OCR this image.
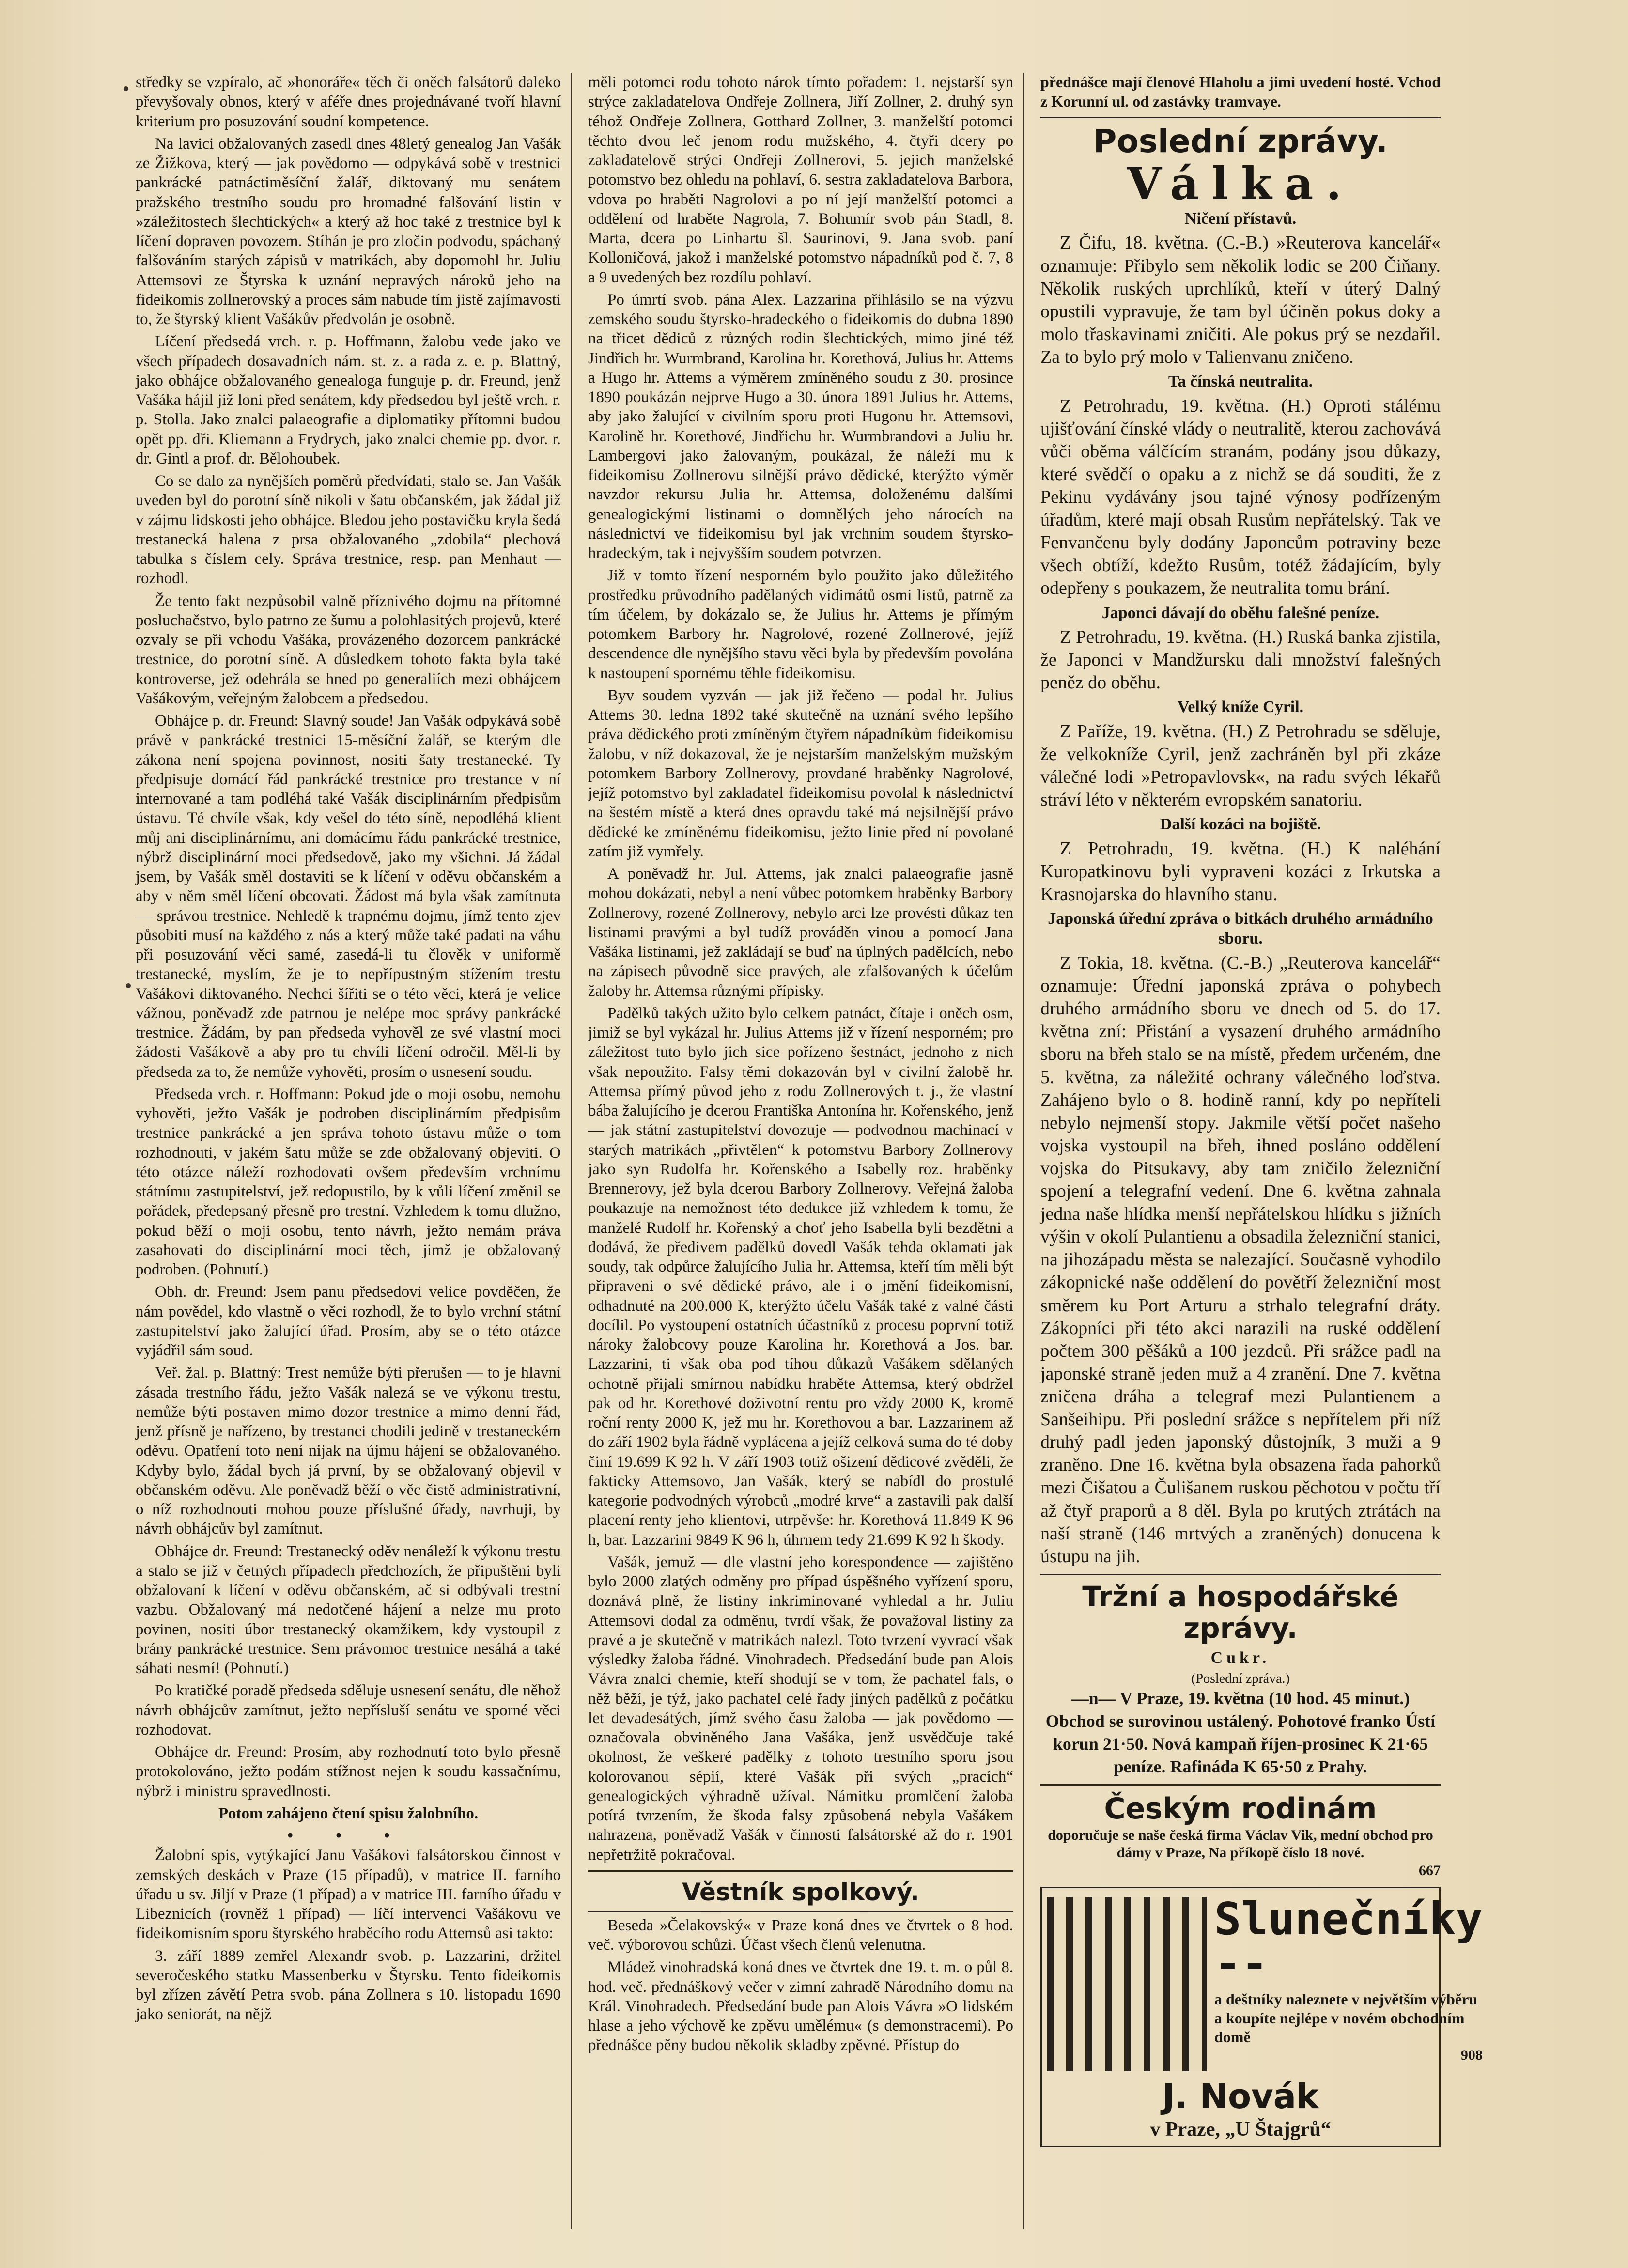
středky se vzpíralo, ač »honoráře« těch či oněch falsátorů daleko převyšovaly obnos, který v aféře dnes projednávané tvoří hlavní kriterium pro posuzování soudní kompetence.

Na lavici obžalovaných zasedl dnes 48letý genealog Jan Vašák ze Žižkova, který — jak povědomo — odpykává sobě v trestnici pankrácké patnáctiměsíční žalář, diktovaný mu senátem pražského trestního soudu pro hromadné falšování listin v »záležitostech šlechtických« a který až hoc také z trestnice byl k líčení dopraven povozem. Stíhán je pro zločin podvodu, spáchaný falšováním starých zápisů v matrikách, aby dopomohl hr. Juliu Attemsovi ze Štyrska k uznání nepravých nároků jeho na fideikomis zollnerovský a proces sám nabude tím jistě zajímavosti to, že štyrský klient Vašákův předvolán je osobně.

Líčení předsedá vrch. r. p. Hoffmann, žalobu vede jako ve všech případech dosavadních nám. st. z. a rada z. e. p. Blattný, jako obhájce obžalovaného genealoga funguje p. dr. Freund, jenž Vašáka hájil již loni před senátem, kdy předsedou byl ještě vrch. r. p. Stolla. Jako znalci palaeografie a diplomatiky přítomni budou opět pp. dři. Kliemann a Frydrych, jako znalci chemie pp. dvor. r. dr. Gintl a prof. dr. Bělohoubek.

Co se dalo za nynějších poměrů předvídati, stalo se. Jan Vašák uveden byl do porotní síně nikoli v šatu občanském, jak žádal již v zájmu lidskosti jeho obhájce. Bledou jeho postavičku kryla šedá trestanecká halena z prsa obžalovaného „zdobila“ plechová tabulka s číslem cely. Správa trestnice, resp. pan Menhaut — rozhodl.

Že tento fakt nezpůsobil valně příznivého dojmu na přítomné posluchačstvo, bylo patrno ze šumu a polohlasitých projevů, které ozvaly se při vchodu Vašáka, provázeného dozorcem pankrácké trestnice, do porotní síně. A důsledkem tohoto fakta byla také kontroverse, jež odehrála se hned po generaliích mezi obhájcem Vašákovým, veřejným žalobcem a předsedou.

Obhájce p. dr. Freund: Slavný soude! Jan Vašák odpykává sobě právě v pankrácké trestnici 15-měsíční žalář, se kterým dle zákona není spojena povinnost, nositi šaty trestanecké. Ty předpisuje domácí řád pankrácké trestnice pro trestance v ní internované a tam podléhá také Vašák disciplinárním předpisům ústavu. Té chvíle však, kdy vešel do této síně, nepodléhá klient můj ani disciplinárnímu, ani domácímu řádu pankrácké trestnice, nýbrž disciplinární moci předsedově, jako my všichni. Já žádal jsem, by Vašák směl dostaviti se k líčení v oděvu občanském a aby v něm směl líčení obcovati. Žádost má byla však zamítnuta — správou trestnice. Nehledě k trapnému dojmu, jímž tento zjev působiti musí na každého z nás a který může také padati na váhu při posuzování věci samé, zasedá-li tu člověk v uniformě trestanecké, myslím, že je to nepřípustným stížením trestu Vašákovi diktovaného. Nechci šířiti se o této věci, která je velice vážnou, poněvadž zde patrnou je nelépe moc správy pankrácké trestnice. Žádám, by pan předseda vyhověl ze své vlastní moci žádosti Vašákově a aby pro tu chvíli líčení odročil. Měl-li by předseda za to, že nemůže vyhověti, prosím o usnesení soudu.

Předseda vrch. r. Hoffmann: Pokud jde o moji osobu, nemohu vyhověti, ježto Vašák je podroben disciplinárním předpisům trestnice pankrácké a jen správa tohoto ústavu může o tom rozhodnouti, v jakém šatu může se zde obžalovaný objeviti. O této otázce náleží rozhodovati ovšem především vrchnímu státnímu zastupitelství, jež redopustilo, by k vůli líčení změnil se pořádek, předepsaný přesně pro trestní. Vzhledem k tomu dlužno, pokud běží o moji osobu, tento návrh, ježto nemám práva zasahovati do disciplinární moci těch, jimž je obžalovaný podroben. (Pohnutí.)

Obh. dr. Freund: Jsem panu předsedovi velice povděčen, že nám povědel, kdo vlastně o věci rozhodl, že to bylo vrchní státní zastupitelství jako žalující úřad. Prosím, aby se o této otázce vyjádřil sám soud.

Veř. žal. p. Blattný: Trest nemůže býti přerušen — to je hlavní zásada trestního řádu, ježto Vašák nalezá se ve výkonu trestu, nemůže býti postaven mimo dozor trestnice a mimo denní řád, jenž přísně je nařízeno, by trestanci chodili jedině v trestaneckém oděvu. Opatření toto není nijak na újmu hájení se obžalovaného. Kdyby bylo, žádal bych já první, by se obžalovaný objevil v občanském oděvu. Ale poněvadž běží o věc čistě administrativní, o níž rozhodnouti mohou pouze příslušné úřady, navrhuji, by návrh obhájcův byl zamítnut.

Obhájce dr. Freund: Trestanecký oděv nenáleží k výkonu trestu a stalo se již v četných případech předchozích, že připuštěni byli obžalovaní k líčení v oděvu občanském, ač si odbývali trestní vazbu. Obžalovaný má nedotčené hájení a nelze mu proto povinen, nositi úbor trestanecký okamžikem, kdy vystoupil z brány pankrácké trestnice. Sem právomoc trestnice nesáhá a také sáhati nesmí! (Pohnutí.)

Po kratičké poradě předseda sděluje usnesení senátu, dle něhož návrh obhájcův zamítnut, ježto nepřísluší senátu ve sporné věci rozhodovat.

Obhájce dr. Freund: Prosím, aby rozhodnutí toto bylo přesně protokolováno, ježto podám stížnost nejen k soudu kassačnímu, nýbrž i ministru spravedlnosti.

Potom zahájeno čtení spisu žalobního.

• • •

Žalobní spis, vytýkající Janu Vašákovi falsátorskou činnost v zemských deskách v Praze (15 případů), v matrice II. farního úřadu u sv. Jiljí v Praze (1 případ) a v matrice III. farního úřadu v Libeznicích (rovněž 1 případ) — líčí intervenci Vašákovu ve fideikomisním sporu štyrského hraběcího rodu Attemsů asi takto:

3. září 1889 zemřel Alexandr svob. p. Lazzarini, držitel severočeského statku Massenberku v Štyrsku. Tento fideikomis byl zřízen závětí Petra svob. pána Zollnera s 10. listopadu 1690 jako seniorát, na nějž

měli potomci rodu tohoto nárok tímto pořadem: 1. nejstarší syn strýce zakladatelova Ondřeje Zollnera, Jiří Zollner, 2. druhý syn téhož Ondřeje Zollnera, Gotthard Zollner, 3. manželští potomci těchto dvou leč jenom rodu mužského, 4. čtyři dcery po zakladatelově strýci Ondřeji Zollnerovi, 5. jejich manželské potomstvo bez ohledu na pohlaví, 6. sestra zakladatelova Barbora, vdova po hraběti Nagrolovi a po ní její manželští potomci a oddělení od hraběte Nagrola, 7. Bohumír svob pán Stadl, 8. Marta, dcera po Linhartu šl. Saurinovi, 9. Jana svob. paní Kolloničová, jakož i manželské potomstvo nápadníků pod č. 7, 8 a 9 uvedených bez rozdílu pohlaví.

Po úmrtí svob. pána Alex. Lazzarina přihlásilo se na výzvu zemského soudu štyrsko-hradeckého o fideikomis do dubna 1890 na třicet dědiců z různých rodin šlechtických, mimo jiné též Jindřich hr. Wurmbrand, Karolina hr. Korethová, Julius hr. Attems a Hugo hr. Attems a výměrem zmíněného soudu z 30. prosince 1890 poukázán nejprve Hugo a 30. února 1891 Julius hr. Attems, aby jako žalující v civilním sporu proti Hugonu hr. Attemsovi, Karolině hr. Korethové, Jindřichu hr. Wurmbrandovi a Juliu hr. Lambergovi jako žalovaným, poukázal, že náleží mu k fideikomisu Zollnerovu silnější právo dědické, kterýžto výměr navzdor rekursu Julia hr. Attemsa, doloženému dalšími genealogickými listinami o domnělých jeho nárocích na následnictví ve fideikomisu byl jak vrchním soudem štyrsko-hradeckým, tak i nejvyšším soudem potvrzen.

Již v tomto řízení nesporném bylo použito jako důležitého prostředku průvodního padělaných vidimátů osmi listů, patrně za tím účelem, by dokázalo se, že Julius hr. Attems je přímým potomkem Barbory hr. Nagrolové, rozené Zollnerové, jejíž descendence dle nynějšího stavu věci byla by především povolána k nastoupení spornému těhle fideikomisu.

Byv soudem vyzván — jak již řečeno — podal hr. Julius Attems 30. ledna 1892 také skutečně na uznání svého lepšího práva dědického proti zmíněným čtyřem nápadníkům fideikomisu žalobu, v níž dokazoval, že je nejstarším manželským mužským potomkem Barbory Zollnerovy, provdané hraběnky Nagrolové, jejíž potomstvo byl zakladatel fideikomisu povolal k následnictví na šestém místě a která dnes opravdu také má nejsilnější právo dědické ke zmíněnému fideikomisu, ježto linie před ní povolané zatím již vymřely.

A poněvadž hr. Jul. Attems, jak znalci palaeografie jasně mohou dokázati, nebyl a není vůbec potomkem hraběnky Barbory Zollnerovy, rozené Zollnerovy, nebylo arci lze provésti důkaz ten listinami pravými a byl tudíž prováděn vinou a pomocí Jana Vašáka listinami, jež zakládají se buď na úplných padělcích, nebo na zápisech původně sice pravých, ale zfalšovaných k účelům žaloby hr. Attemsa různými přípisky.

Padělků takých užito bylo celkem patnáct, čítaje i oněch osm, jimiž se byl vykázal hr. Julius Attems již v řízení nesporném; pro záležitost tuto bylo jich sice pořízeno šestnáct, jednoho z nich však nepoužito. Falsy těmi dokazován byl v civilní žalobě hr. Attemsa přímý původ jeho z rodu Zollnerových t. j., že vlastní bába žalujícího je dcerou Františka Antonína hr. Kořenského, jenž — jak státní zastupitelství dovozuje — podvodnou machinací v starých matrikách „přivtělen“ k potomstvu Barbory Zollnerovy jako syn Rudolfa hr. Kořenského a Isabelly roz. hraběnky Brennerovy, jež byla dcerou Barbory Zollnerovy. Veřejná žaloba poukazuje na nemožnost této dedukce již vzhledem k tomu, že manželé Rudolf hr. Kořenský a choť jeho Isabella byli bezdětni a dodává, že předivem padělků dovedl Vašák tehda oklamati jak soudy, tak odpůrce žalujícího Julia hr. Attemsa, kteří tím měli být připraveni o své dědické právo, ale i o jmění fideikomisní, odhadnuté na 200.000 K, kterýžto účelu Vašák také z valné části docílil. Po vystoupení ostatních účastníků z procesu poprvní totiž nároky žalobcovy pouze Karolina hr. Korethová a Jos. bar. Lazzarini, ti však oba pod tíhou důkazů Vašákem sdělaných ochotně přijali smírnou nabídku hraběte Attemsa, který obdržel pak od hr. Korethové doživotní rentu pro vždy 2000 K, kromě roční renty 2000 K, jež mu hr. Korethovou a bar. Lazzarinem až do září 1902 byla řádně vyplácena a jejíž celková suma do té doby činí 19.699 K 92 h. V září 1903 totiž ošizení dědicové zvěděli, že fakticky Attemsovo, Jan Vašák, který se nabídl do prostulé kategorie podvodných výrobců „modré krve“ a zastavili pak další placení renty jeho klientovi, utrpěvše: hr. Korethová 11.849 K 96 h, bar. Lazzarini 9849 K 96 h, úhrnem tedy 21.699 K 92 h škody.

Vašák, jemuž — dle vlastní jeho korespondence — zajištěno bylo 2000 zlatých odměny pro případ úspěšného vyřízení sporu, doznává plně, že listiny inkriminované vyhledal a hr. Juliu Attemsovi dodal za odměnu, tvrdí však, že považoval listiny za pravé a je skutečně v matrikách nalezl. Toto tvrzení vyvrací však výsledky žaloba řádné. Vinohradech. Předsedání bude pan Alois Vávra znalci chemie, kteří shodují se v tom, že pachatel fals, o něž běží, je týž, jako pachatel celé řady jiných padělků z počátku let devadesátých, jímž svého času žaloba — jak povědomo — označovala obviněného Jana Vašáka, jenž usvědčuje také okolnost, že veškeré padělky z tohoto trestního sporu jsou kolorovanou sépií, které Vašák při svých „pracích“ genealogických výhradně užíval. Námitku promlčení žaloba potírá tvrzením, že škoda falsy způsobená nebyla Vašákem nahrazena, poněvadž Vašák v činnosti falsátorské až do r. 1901 nepřetržitě pokračoval.

Věstník spolkový.

Beseda »Čelakovský« v Praze koná dnes ve čtvrtek o 8 hod. več. výborovou schůzi. Účast všech členů velenutna.

Mládež vinohradská koná dnes ve čtvrtek dne 19. t. m. o půl 8. hod. več. přednáškový večer v zimní zahradě Národního domu na Král. Vinohradech. Předsedání bude pan Alois Vávra »O lidském hlase a jeho výchově ke zpěvu umělému« (s demonstracemi). Po přednášce pěny budou několik skladby zpěvné. Přístup do

přednášce mají členové Hlaholu a jimi uvedení hosté. Vchod z Korunní ul. od zastávky tramvaye.

Poslední zprávy.
Válka.
Ničení přístavů.

Z Čifu, 18. května. (C.-B.) »Reuterova kancelář« oznamuje: Přibylo sem několik lodic se 200 Čiňany. Několik ruských uprchlíků, kteří v úterý Dalný opustili vypravuje, že tam byl účiněn pokus doky a molo třaskavinami zničiti. Ale pokus prý se nezdařil. Za to bylo prý molo v Talienvanu zničeno.

Ta čínská neutralita.

Z Petrohradu, 19. května. (H.) Oproti stálému ujišťování čínské vlády o neutralitě, kterou zachovává vůči oběma válčícím stranám, podány jsou důkazy, které svědčí o opaku a z nichž se dá souditi, že z Pekinu vydávány jsou tajné výnosy podřízeným úřadům, které mají obsah Rusům nepřátelský. Tak ve Fenvančenu byly dodány Japoncům potraviny beze všech obtíží, kdežto Rusům, totéž žádajícím, byly odepřeny s poukazem, že neutralita tomu brání.

Japonci dávají do oběhu falešné peníze.

Z Petrohradu, 19. května. (H.) Ruská banka zjistila, že Japonci v Mandžursku dali množství falešných peněz do oběhu.

Velký kníže Cyril.

Z Paříže, 19. května. (H.) Z Petrohradu se sděluje, že velkokníže Cyril, jenž zachráněn byl při zkáze válečné lodi »Petropavlovsk«, na radu svých lékařů stráví léto v některém evropském sanatoriu.

Další kozáci na bojiště.

Z Petrohradu, 19. května. (H.) K naléhání Kuropatkinovu byli vypraveni kozáci z Irkutska a Krasnojarska do hlavního stanu.

Japonská úřední zpráva o bitkách druhého armádního sboru.

Z Tokia, 18. května. (C.-B.) „Reuterova kancelář“ oznamuje: Úřední japonská zpráva o pohybech druhého armádního sboru ve dnech od 5. do 17. května zní: Přistání a vysazení druhého armádního sboru na břeh stalo se na místě, předem určeném, dne 5. května, za náležité ochrany válečného loďstva. Zahájeno bylo o 8. hodině ranní, kdy po nepříteli nebylo nejmenší stopy. Jakmile větší počet našeho vojska vystoupil na břeh, ihned posláno oddělení vojska do Pitsukavy, aby tam zničilo železniční spojení a telegrafní vedení. Dne 6. května zahnala jedna naše hlídka menší nepřátelskou hlídku s jižních výšin v okolí Pulantienu a obsadila železniční stanici, na jihozápadu města se nalezající. Současně vyhodilo zákopnické naše oddělení do povětří železniční most směrem ku Port Arturu a strhalo telegrafní dráty. Zákopníci při této akci narazili na ruské oddělení počtem 300 pěšáků a 100 jezdců. Při srážce padl na japonské straně jeden muž a 4 zranění. Dne 7. května zničena dráha a telegraf mezi Pulantienem a Sanšeihipu. Při poslední srážce s nepřítelem při níž druhý padl jeden japonský důstojník, 3 muži a 9 zraněno. Dne 16. května byla obsazena řada pahorků mezi Čišatou a Čulišanem ruskou pěchotou v počtu tří až čtyř praporů a 8 děl. Byla po krutých ztrátách na naší straně (146 mrtvých a zraněných) donucena k ústupu na jih.

Tržní a hospodářské zprávy.
Cukr.
(Poslední zpráva.)
—n— V Praze, 19. května (10 hod. 45 minut.) Obchod se surovinou ustálený. Pohotové franko Ústí korun 21·50. Nová kampaň říjen-prosinec K 21·65 peníze. Rafináda K 65·50 z Prahy.
Českým rodinám
doporučuje se naše česká firma Václav Vik, mední obchod pro dámy v Praze, Na příkopě číslo 18 nové.
667
Slunečníky --
a deštníky naleznete v největším výběru a koupíte nejlépe v novém obchodním domě
908
J. Novák
v Praze, „U Štajgrů“
